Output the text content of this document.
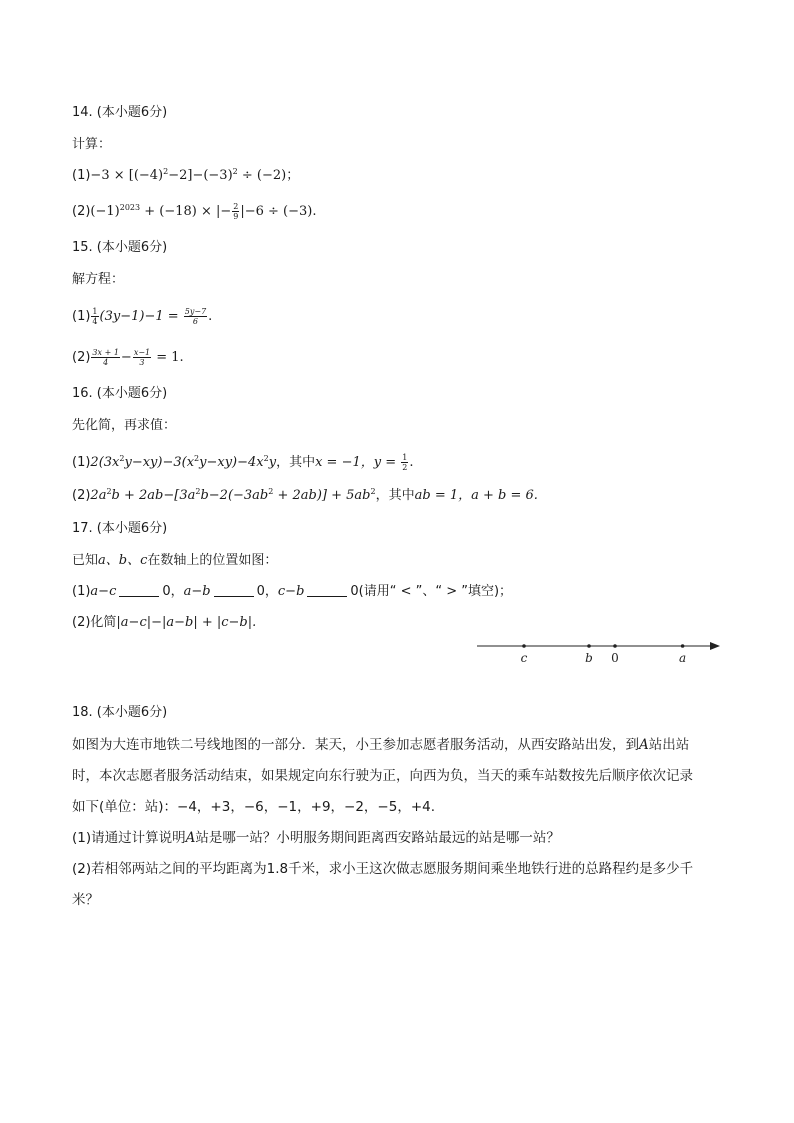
14. (本小题6分)
计算：
$(1)-3 \times [(-4)^2-2]-(-3)^2 \div (-2)$；
$(2)(-1)^{2023} + (-18)$ × |− $\frac{2}{9} |-6 \div (-3)$.
15. (本小题6分)
解方程：
$(1) \frac{1}{4} (3y-1)-1 = \frac{5y-7}{6}$ .
$(2) \frac{3x + 1}{4} - \frac{x-1}{3} = 1$.
16. (本小题6分)
先化简，再求值：
$(1)2(3x^2y-xy)-3(x^2y-xy)-4x^2y$，其中x = −1，$y = \frac{1}{2}$ .
$(2)2a^2b + 2ab-[3a^2b-2(-3ab^2 + 2ab)] + 5ab^2$，其中ab = 1，a + b = 6.
17. (本小题6分)
已知a、b、c在数轴上的位置如图：
(1)a−c	0，a−b	0，c−b	0(请用“ < ”、“ > ”填空)；
(2)化简|a−c|−|a−b| + |c−b|.
c	b 0	a
18. (本小题6分)
如图为大连市地铁二号线地图的一部分．某天，小王参加志愿者服务活动，从西安路站出发，到A站出站
时，本次志愿者服务活动结束，如果规定向东行驶为正，向西为负，当天的乘车站数按先后顺序依次记录
如下(单位：站)：−4，+3，−6，−1，+9，−2，−5，+4.
(1)请通过计算说明A站是哪一站？小明服务期间距离西安路站最远的站是哪一站？
(2)若相邻两站之间的平均距离为1.8千米，求小王这次做志愿服务期间乘坐地铁行进的总路程约是多少千
米？
